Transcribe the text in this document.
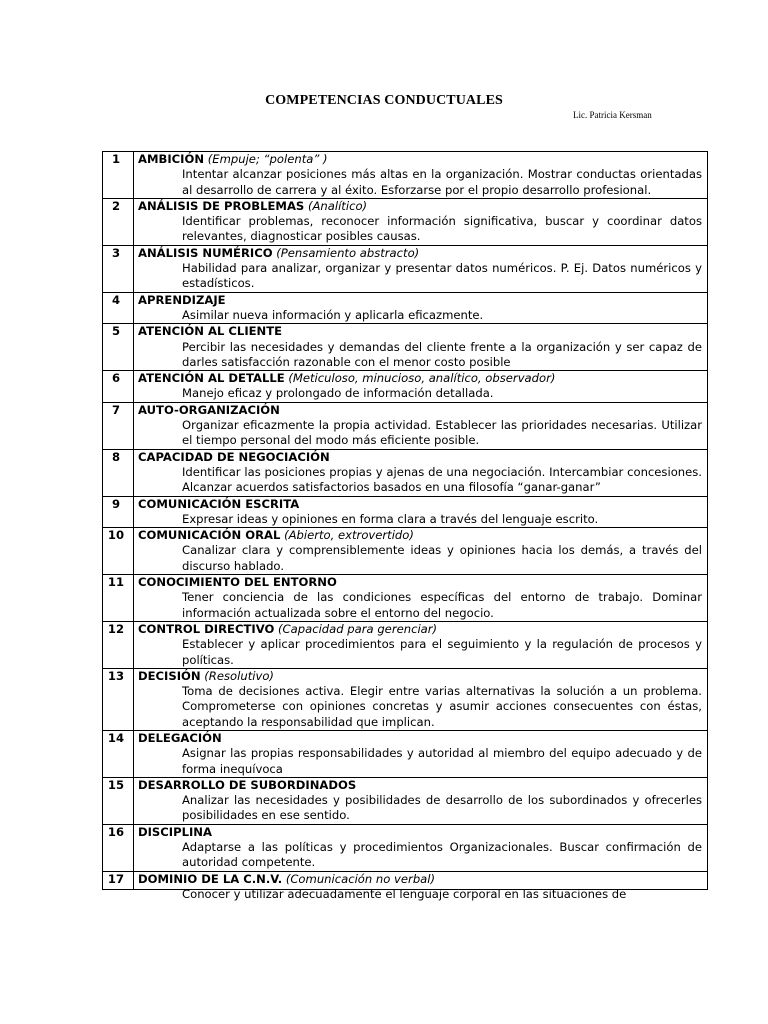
COMPETENCIAS CONDUCTUALES
Lic. Patricia Kersman
1	AMBICIÓN (Empuje; “polenta” )
Intentar alcanzar posiciones más altas en la organización. Mostrar conductas orientadas al desarrollo de carrera y al éxito. Esforzarse por el propio desarrollo profesional.

2	ANÁLISIS DE PROBLEMAS (Analítico)
Identificar problemas, reconocer información significativa, buscar y coordinar datos relevantes, diagnosticar posibles causas.

3	ANÁLISIS NUMÉRICO (Pensamiento abstracto)
Habilidad para analizar, organizar y presentar datos numéricos. P. Ej. Datos numéricos y estadísticos.

4	APRENDIZAJE
Asimilar nueva información y aplicarla eficazmente.

5	ATENCIÓN AL CLIENTE
Percibir las necesidades y demandas del cliente frente a la organización y ser capaz de darles satisfacción razonable con el menor costo posible

6	ATENCIÓN AL DETALLE (Meticuloso, minucioso, analítico, observador)
Manejo eficaz y prolongado de información detallada.

7	AUTO-ORGANIZACIÓN
Organizar eficazmente la propia actividad. Establecer las prioridades necesarias. Utilizar el tiempo personal del modo más eficiente posible.

8	CAPACIDAD DE NEGOCIACIÓN
Identificar las posiciones propias y ajenas de una negociación. Intercambiar concesiones. Alcanzar acuerdos satisfactorios basados en una filosofía “ganar-ganar”

9	COMUNICACIÓN ESCRITA
Expresar ideas y opiniones en forma clara a través del lenguaje escrito.

10	COMUNICACIÓN ORAL (Abierto, extrovertido)
Canalizar clara y comprensiblemente ideas y opiniones hacia los demás, a través del discurso hablado.

11	CONOCIMIENTO DEL ENTORNO
Tener conciencia de las condiciones específicas del entorno de trabajo. Dominar información actualizada sobre el entorno del negocio.

12	CONTROL DIRECTIVO (Capacidad para gerenciar)
Establecer y aplicar procedimientos para el seguimiento y la regulación de procesos y políticas.

13	DECISIÓN (Resolutivo)
Toma de decisiones activa. Elegir entre varias alternativas la solución a un problema. Comprometerse con opiniones concretas y asumir acciones consecuentes con éstas, aceptando la responsabilidad que implican.

14	DELEGACIÓN
Asignar las propias responsabilidades y autoridad al miembro del equipo adecuado y de forma inequívoca

15	DESARROLLO DE SUBORDINADOS
Analizar las necesidades y posibilidades de desarrollo de los subordinados y ofrecerles posibilidades en ese sentido.

16	DISCIPLINA
Adaptarse a las políticas y procedimientos Organizacionales. Buscar confirmación de autoridad competente.

17	DOMINIO DE LA C.N.V. (Comunicación no verbal)
Conocer y utilizar adecuadamente el lenguaje corporal en las situaciones de
